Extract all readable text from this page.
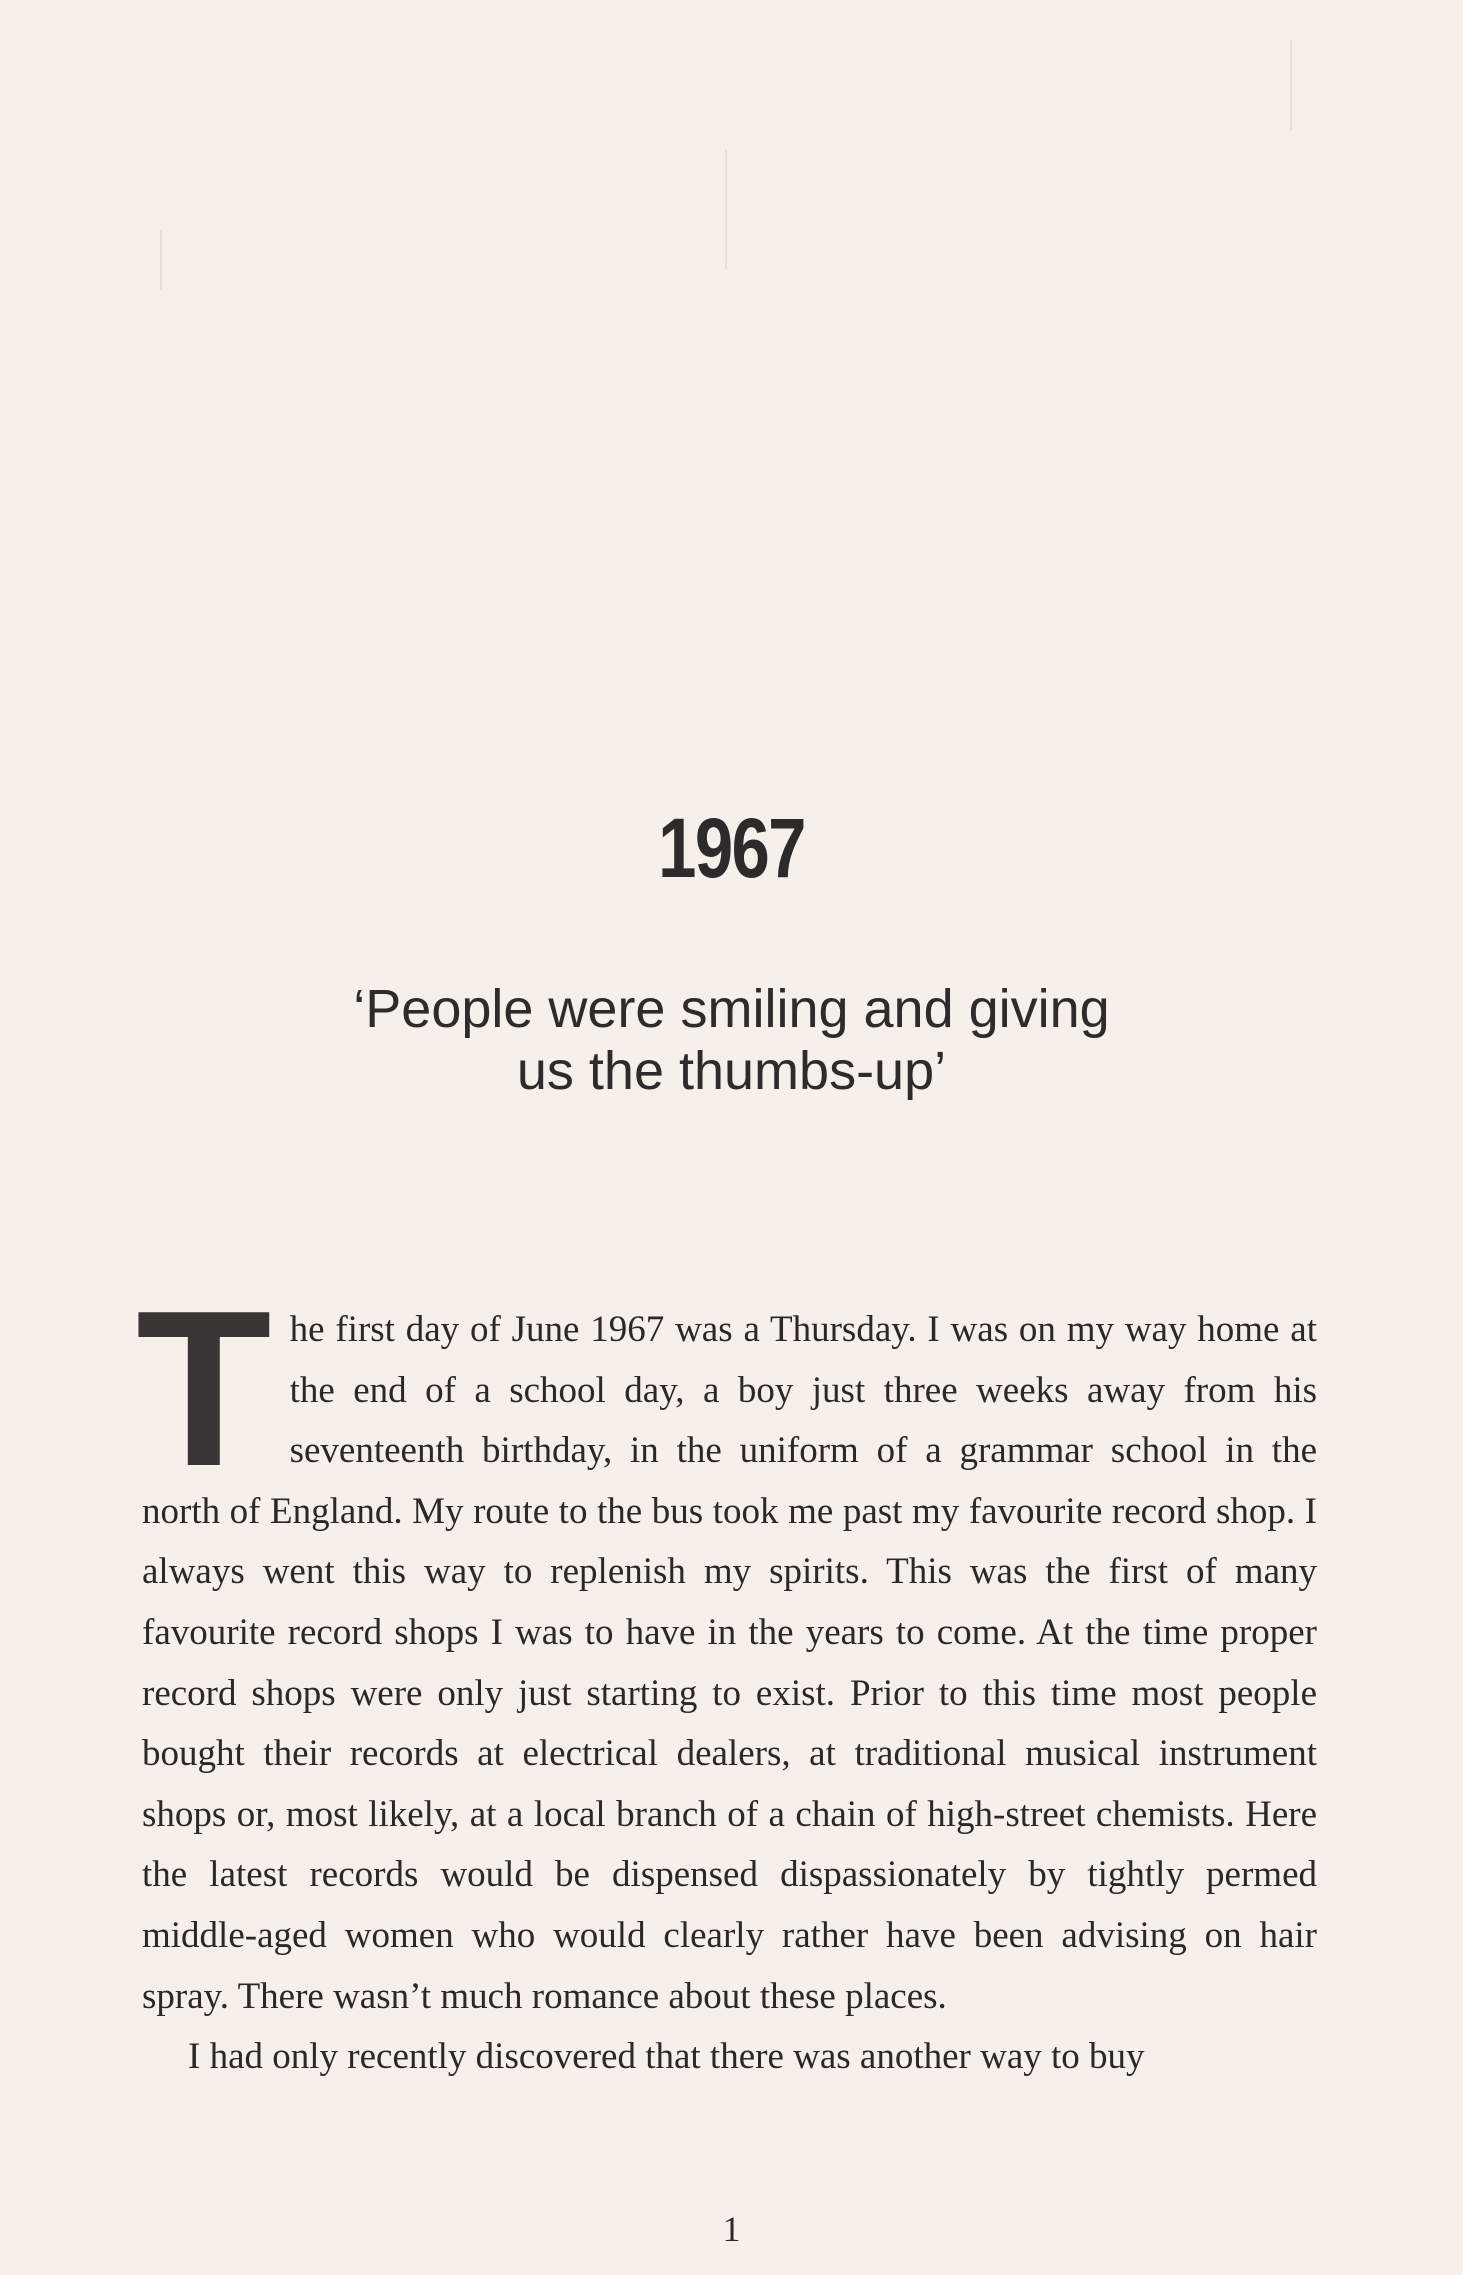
1967
‘People were smiling and giving
us the thumbs-up’

The first day of June 1967 was a Thursday. I was on my way home at the end of a school day, a boy just three weeks away from his seventeenth birthday, in the uniform of a grammar school in the north of England. My route to the bus took me past my favourite record shop. I always went this way to replenish my spirits. This was the first of many favourite record shops I was to have in the years to come. At the time proper record shops were only just starting to exist. Prior to this time most people bought their records at electrical dealers, at traditional musical instrument shops or, most likely, at a local branch of a chain of high-street chemists. Here the latest records would be dispensed dispassionately by tightly permed middle-aged women who would clearly rather have been advising on hair spray. There wasn’t much romance about these places.

I had only recently discovered that there was another way to buy

1
